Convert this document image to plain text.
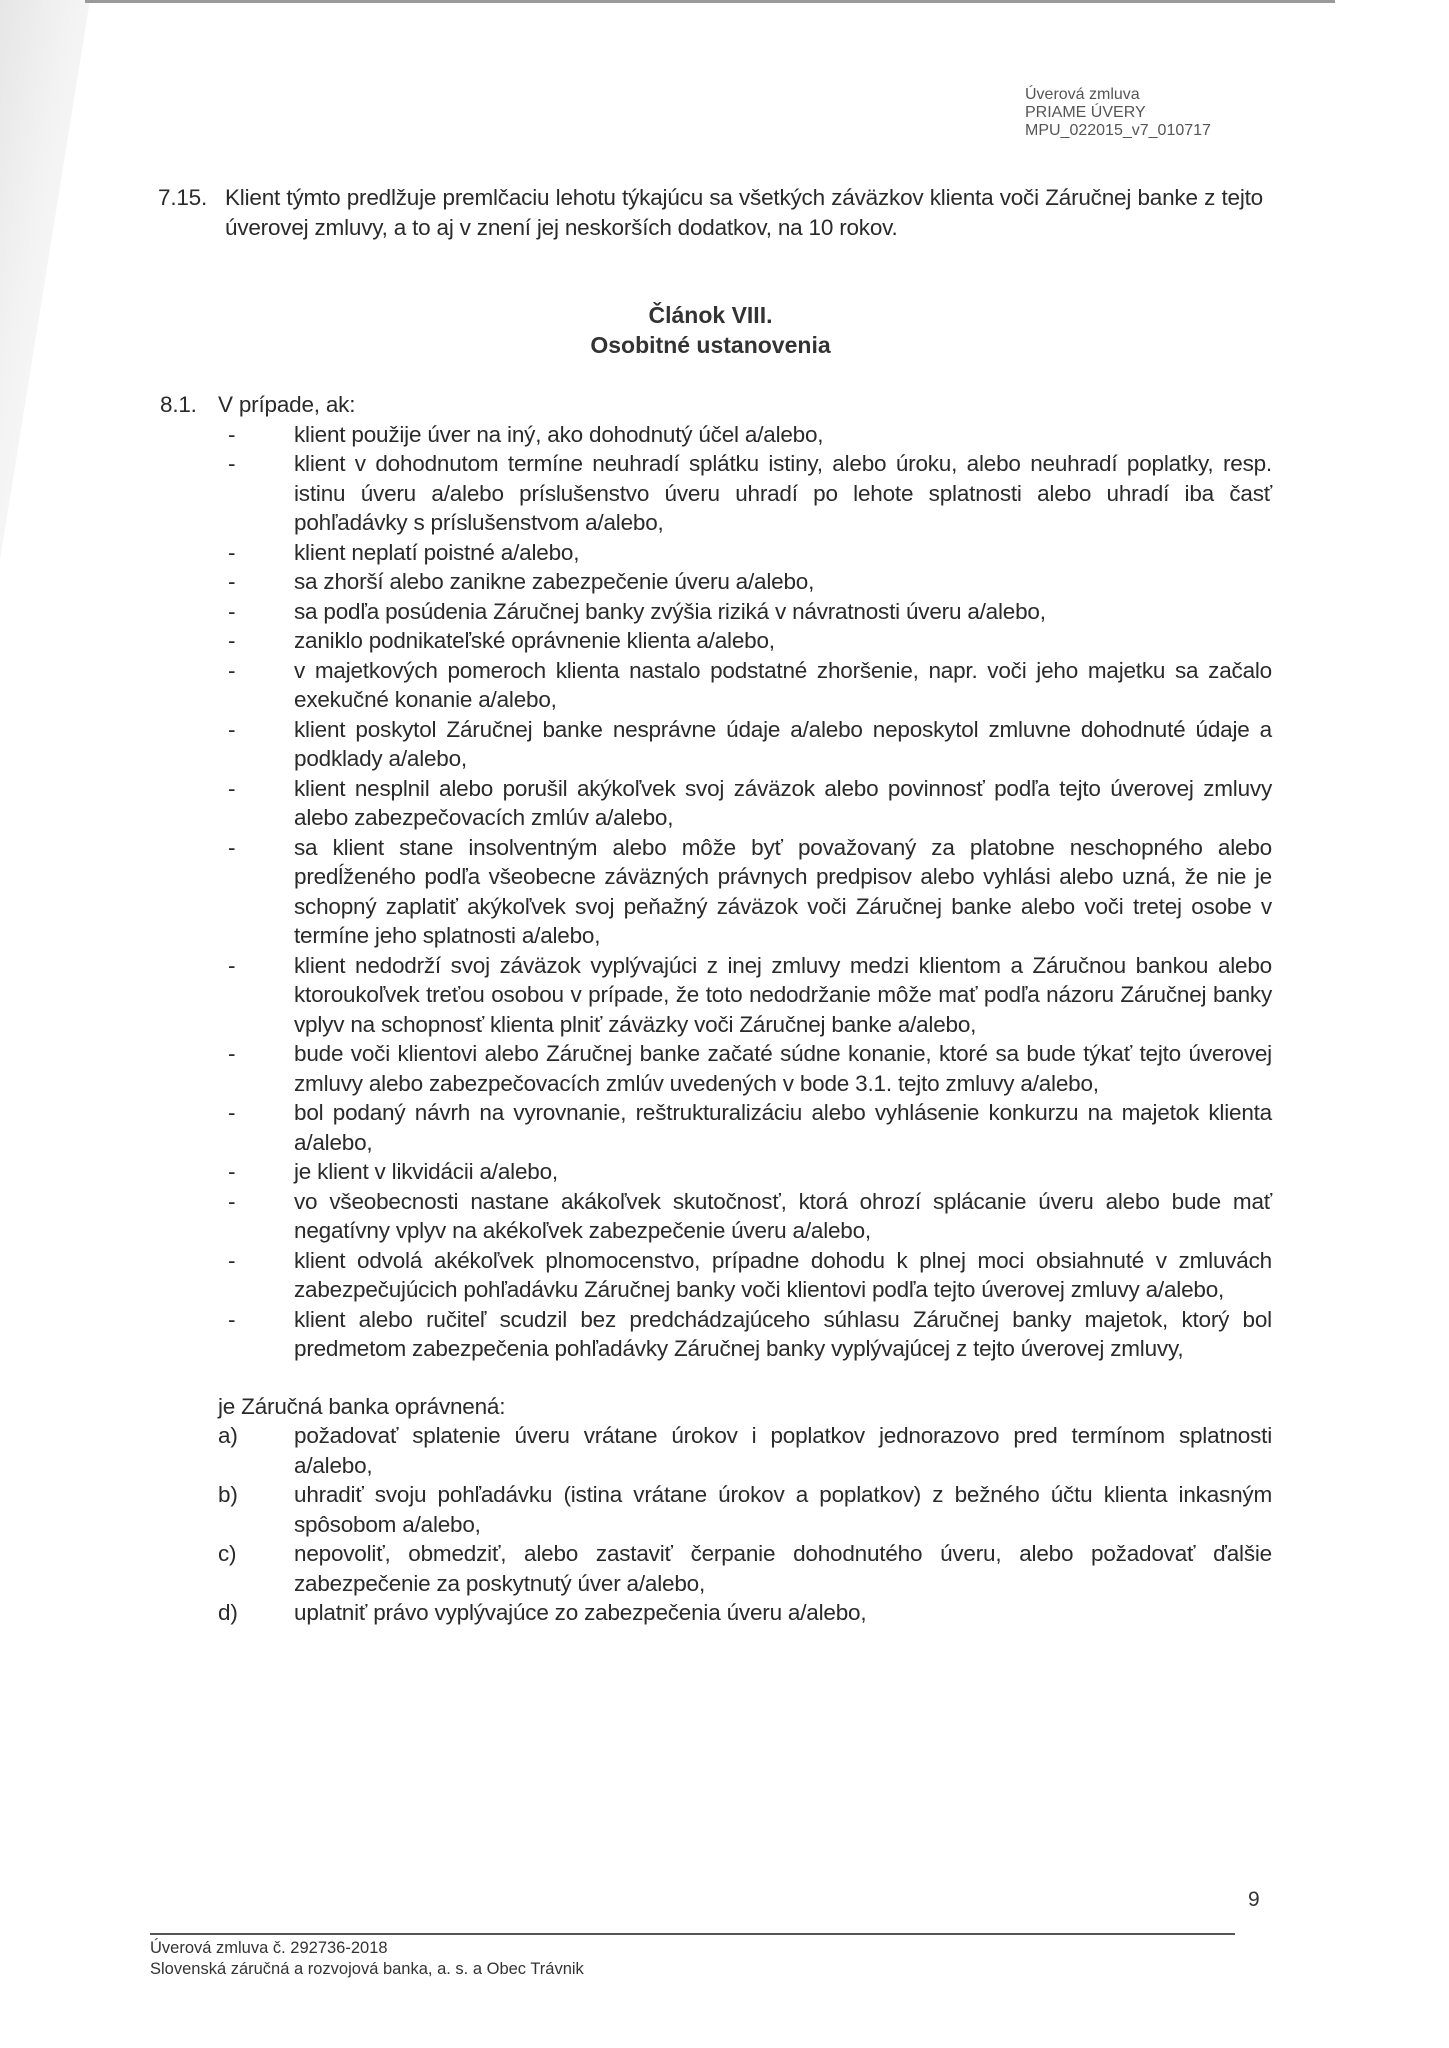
Úverová zmluva
PRIAME ÚVERY
MPU_022015_v7_010717
7.15. Klient týmto predlžuje premlčaciu lehotu týkajúcu sa všetkých záväzkov klienta voči Záručnej banke z tejto úverovej zmluvy, a to aj v znení jej neskorších dodatkov, na 10 rokov.
Článok VIII.
Osobitné ustanovenia
8.1. V prípade, ak:
-	klient použije úver na iný, ako dohodnutý účel a/alebo,
-	klient v dohodnutom termíne neuhradí splátku istiny, alebo úroku, alebo neuhradí poplatky, resp. istinu úveru a/alebo príslušenstvo úveru uhradí po lehote splatnosti alebo uhradí iba časť pohľadávky s príslušenstvom a/alebo,
-	klient neplatí poistné a/alebo,
-	sa zhorší alebo zanikne zabezpečenie úveru a/alebo,
-	sa podľa posúdenia Záručnej banky zvýšia riziká v návratnosti úveru a/alebo,
-	zaniklo podnikateľské oprávnenie klienta a/alebo,
-	v majetkových pomeroch klienta nastalo podstatné zhoršenie, napr. voči jeho majetku sa začalo exekučné konanie a/alebo,
-	klient poskytol Záručnej banke nesprávne údaje a/alebo neposkytol zmluvne dohodnuté údaje a podklady a/alebo,
-	klient nesplnil alebo porušil akýkoľvek svoj záväzok alebo povinnosť podľa tejto úverovej zmluvy alebo zabezpečovacích zmlúv a/alebo,
-	sa klient stane insolventným alebo môže byť považovaný za platobne neschopného alebo predĺženého podľa všeobecne záväzných právnych predpisov alebo vyhlási alebo uzná, že nie je schopný zaplatiť akýkoľvek svoj peňažný záväzok voči Záručnej banke alebo voči tretej osobe v termíne jeho splatnosti a/alebo,
-	klient nedodrží svoj záväzok vyplývajúci z inej zmluvy medzi klientom a Záručnou bankou alebo ktoroukoľvek treťou osobou v prípade, že toto nedodržanie môže mať podľa názoru Záručnej banky vplyv na schopnosť klienta plniť záväzky voči Záručnej banke a/alebo,
-	bude voči klientovi alebo Záručnej banke začaté súdne konanie, ktoré sa bude týkať tejto úverovej zmluvy alebo zabezpečovacích zmlúv uvedených v bode 3.1. tejto zmluvy a/alebo,
-	bol podaný návrh na vyrovnanie, reštrukturalizáciu alebo vyhlásenie konkurzu na majetok klienta a/alebo,
-	je klient v likvidácii a/alebo,
-	vo všeobecnosti nastane akákoľvek skutočnosť, ktorá ohrozí splácanie úveru alebo bude mať negatívny vplyv na akékoľvek zabezpečenie úveru a/alebo,
-	klient odvolá akékoľvek plnomocenstvo, prípadne dohodu k plnej moci obsiahnuté v zmluvách zabezpečujúcich pohľadávku Záručnej banky voči klientovi podľa tejto úverovej zmluvy a/alebo,
-	klient alebo ručiteľ scudzil bez predchádzajúceho súhlasu Záručnej banky majetok, ktorý bol predmetom zabezpečenia pohľadávky Záručnej banky vyplývajúcej z tejto úverovej zmluvy,
je Záručná banka oprávnená:
a)	požadovať splatenie úveru vrátane úrokov i poplatkov jednorazovo pred termínom splatnosti a/alebo,
b)	uhradiť svoju pohľadávku (istina vrátane úrokov a poplatkov) z bežného účtu klienta inkasným spôsobom a/alebo,
c)	nepovoliť, obmedziť, alebo zastaviť čerpanie dohodnutého úveru, alebo požadovať ďalšie zabezpečenie za poskytnutý úver a/alebo,
d)	uplatniť právo vyplývajúce zo zabezpečenia úveru a/alebo,
9
Úverová zmluva č. 292736-2018
Slovenská záručná a rozvojová banka, a. s. a Obec Trávnik
